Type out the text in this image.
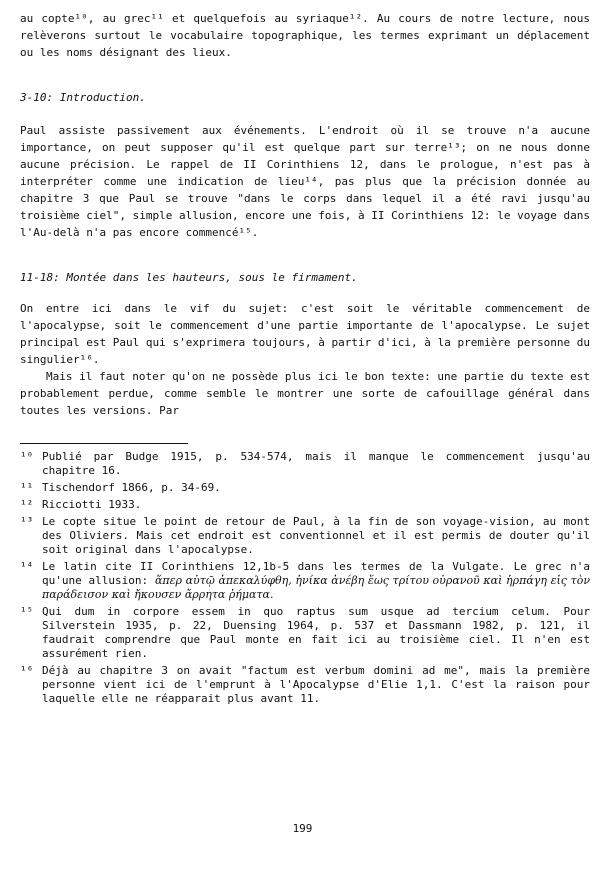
au copte¹⁰, au grec¹¹ et quelquefois au syriaque¹². Au cours de notre lecture, nous relèverons surtout le vocabulaire topographique, les termes exprimant un déplacement ou les noms désignant des lieux.

3-10: Introduction.

Paul assiste passivement aux événements. L'endroit où il se trouve n'a aucune importance, on peut supposer qu'il est quelque part sur terre¹³; on ne nous donne aucune précision. Le rappel de II Corinthiens 12, dans le prologue, n'est pas à interpréter comme une indication de lieu¹⁴, pas plus que la précision donnée au chapitre 3 que Paul se trouve "dans le corps dans lequel il a été ravi jusqu'au troisième ciel", simple allusion, encore une fois, à II Corinthiens 12: le voyage dans l'Au-delà n'a pas encore commencé¹⁵.

11-18: Montée dans les hauteurs, sous le firmament.

On entre ici dans le vif du sujet: c'est soit le véritable commencement de l'apocalypse, soit le commencement d'une partie importante de l'apocalypse. Le sujet principal est Paul qui s'exprimera toujours, à partir d'ici, à la première personne du singulier¹⁶.

Mais il faut noter qu'on ne possède plus ici le bon texte: une partie du texte est probablement perdue, comme semble le montrer une sorte de cafouillage général dans toutes les versions. Par

¹⁰ Publié par Budge 1915, p. 534-574, mais il manque le commencement jusqu'au chapitre 16.
¹¹ Tischendorf 1866, p. 34-69.
¹² Ricciotti 1933.
¹³ Le copte situe le point de retour de Paul, à la fin de son voyage-vision, au mont des Oliviers. Mais cet endroit est conventionnel et il est permis de douter qu'il soit original dans l'apocalypse.
¹⁴ Le latin cite II Corinthiens 12,1b-5 dans les termes de la Vulgate. Le grec n'a qu'une allusion: ἅπερ αὐτῷ ἀπεκαλύφθη, ἡνίκα ἀνέβη ἕως τρίτου οὐρανοῦ καὶ ἡρπάγη εἰς τὸν παράδεισον καὶ ἤκουσεν ἄρρητα ῥήματα.
¹⁵ Qui dum in corpore essem in quo raptus sum usque ad tercium celum. Pour Silverstein 1935, p. 22, Duensing 1964, p. 537 et Dassmann 1982, p. 121, il faudrait comprendre que Paul monte en fait ici au troisième ciel. Il n'en est assurément rien.
¹⁶ Déjà au chapitre 3 on avait "factum est verbum domini ad me", mais la première personne vient ici de l'emprunt à l'Apocalypse d'Elie 1,1. C'est la raison pour laquelle elle ne réapparait plus avant 11.
199
